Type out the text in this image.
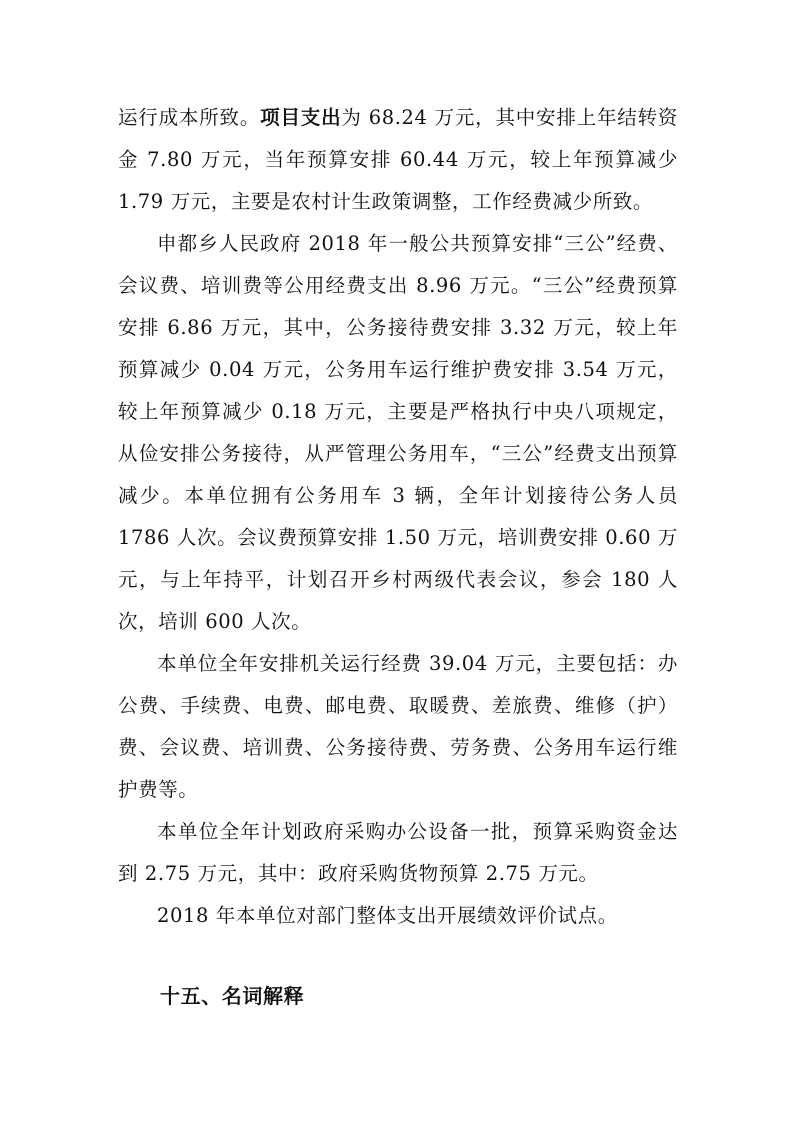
运行成本所致。项目支出为 68.24 万元，其中安排上年结转资金 7.80 万元，当年预算安排 60.44 万元，较上年预算减少 1.79 万元，主要是农村计生政策调整，工作经费减少所致。

申都乡人民政府 2018 年一般公共预算安排“三公”经费、会议费、培训费等公用经费支出 8.96 万元。“三公”经费预算安排 6.86 万元，其中，公务接待费安排 3.32 万元，较上年预算减少 0.04 万元，公务用车运行维护费安排 3.54 万元，较上年预算减少 0.18 万元，主要是严格执行中央八项规定，从俭安排公务接待，从严管理公务用车，“三公”经费支出预算减少。本单位拥有公务用车 3 辆，全年计划接待公务人员 1786 人次。会议费预算安排 1.50 万元，培训费安排 0.60 万元，与上年持平，计划召开乡村两级代表会议，参会 180 人次，培训 600 人次。

本单位全年安排机关运行经费 39.04 万元，主要包括：办公费、手续费、电费、邮电费、取暖费、差旅费、维修（护）费、会议费、培训费、公务接待费、劳务费、公务用车运行维护费等。

本单位全年计划政府采购办公设备一批，预算采购资金达到 2.75 万元，其中：政府采购货物预算 2.75 万元。

2018 年本单位对部门整体支出开展绩效评价试点。

十五、名词解释
